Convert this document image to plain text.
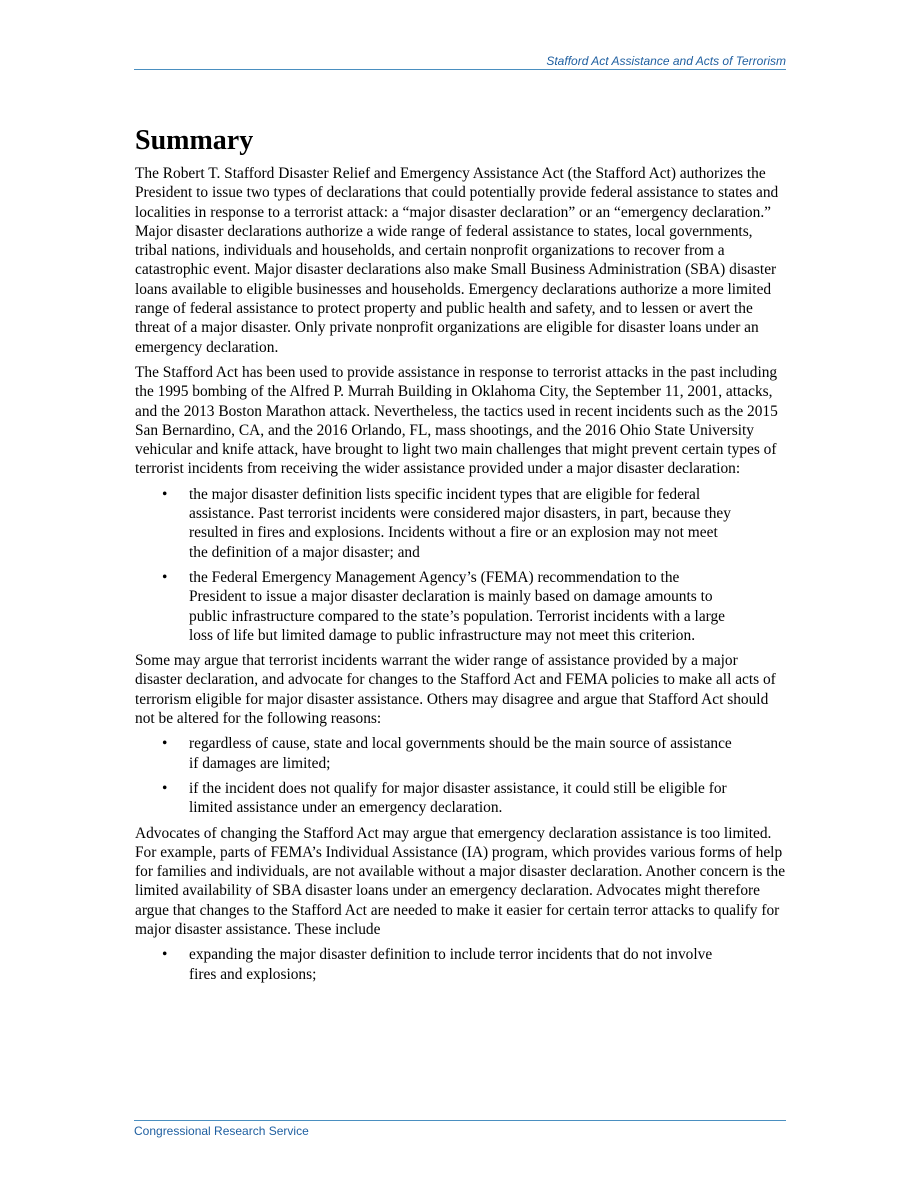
Stafford Act Assistance and Acts of Terrorism
Summary

The Robert T. Stafford Disaster Relief and Emergency Assistance Act (the Stafford Act) authorizes the President to issue two types of declarations that could potentially provide federal assistance to states and localities in response to a terrorist attack: a “major disaster declaration” or an “emergency declaration.” Major disaster declarations authorize a wide range of federal assistance to states, local governments, tribal nations, individuals and households, and certain nonprofit organizations to recover from a catastrophic event. Major disaster declarations also make Small Business Administration (SBA) disaster loans available to eligible businesses and households. Emergency declarations authorize a more limited range of federal assistance to protect property and public health and safety, and to lessen or avert the threat of a major disaster. Only private nonprofit organizations are eligible for disaster loans under an emergency declaration.

The Stafford Act has been used to provide assistance in response to terrorist attacks in the past including the 1995 bombing of the Alfred P. Murrah Building in Oklahoma City, the September 11, 2001, attacks, and the 2013 Boston Marathon attack. Nevertheless, the tactics used in recent incidents such as the 2015 San Bernardino, CA, and the 2016 Orlando, FL, mass shootings, and the 2016 Ohio State University vehicular and knife attack, have brought to light two main challenges that might prevent certain types of terrorist incidents from receiving the wider assistance provided under a major disaster declaration:

• the major disaster definition lists specific incident types that are eligible for federal assistance. Past terrorist incidents were considered major disasters, in part, because they resulted in fires and explosions. Incidents without a fire or an explosion may not meet the definition of a major disaster; and
• the Federal Emergency Management Agency’s (FEMA) recommendation to the President to issue a major disaster declaration is mainly based on damage amounts to public infrastructure compared to the state’s population. Terrorist incidents with a large loss of life but limited damage to public infrastructure may not meet this criterion.

Some may argue that terrorist incidents warrant the wider range of assistance provided by a major disaster declaration, and advocate for changes to the Stafford Act and FEMA policies to make all acts of terrorism eligible for major disaster assistance. Others may disagree and argue that Stafford Act should not be altered for the following reasons:

• regardless of cause, state and local governments should be the main source of assistance if damages are limited;
• if the incident does not qualify for major disaster assistance, it could still be eligible for limited assistance under an emergency declaration.

Advocates of changing the Stafford Act may argue that emergency declaration assistance is too limited. For example, parts of FEMA’s Individual Assistance (IA) program, which provides various forms of help for families and individuals, are not available without a major disaster declaration. Another concern is the limited availability of SBA disaster loans under an emergency declaration. Advocates might therefore argue that changes to the Stafford Act are needed to make it easier for certain terror attacks to qualify for major disaster assistance. These include

• expanding the major disaster definition to include terror incidents that do not involve fires and explosions;
Congressional Research Service
